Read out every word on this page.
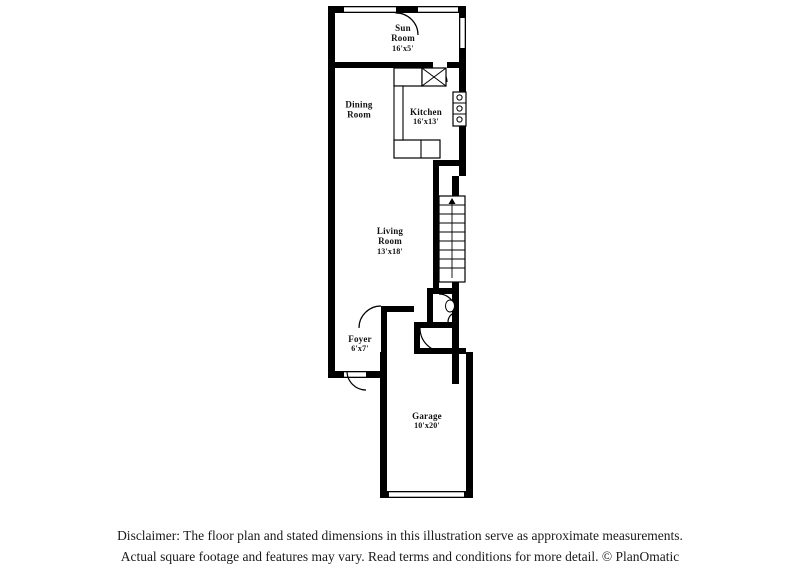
Sun
Room
16'x5'
Dining
Room	Kitchen
16'x13'
Living
Room
13'x18'
Foyer
6'x7'
Garage
10'x20'
Disclaimer: The floor plan and stated dimensions in this illustration serve as approximate measurements.
Actual square footage and features may vary. Read terms and conditions for more detail. © PlanOmatic
